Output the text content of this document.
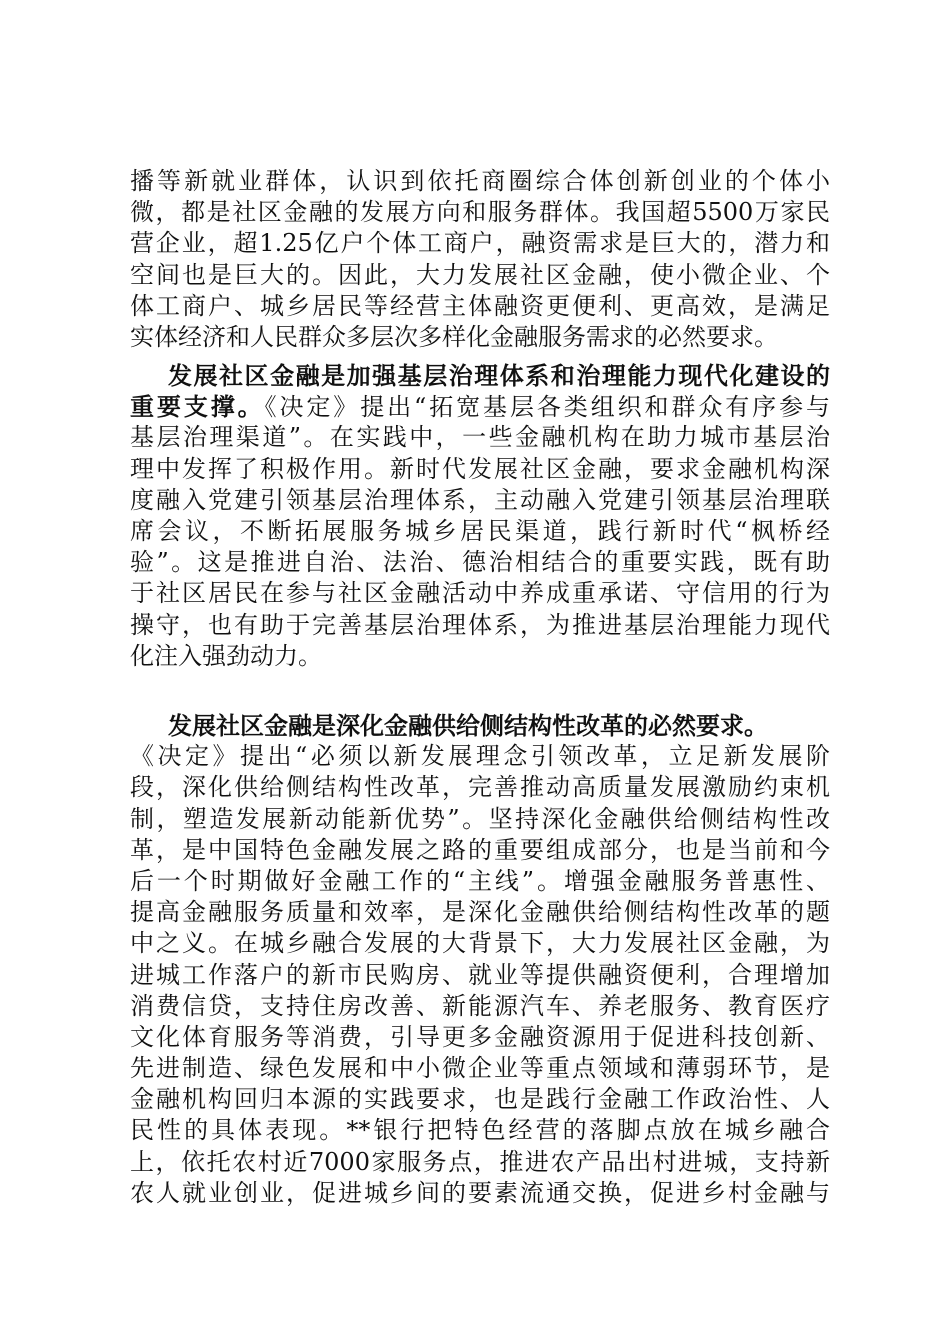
播等新就业群体，认识到依托商圈综合体创新创业的个体小
微，都是社区金融的发展方向和服务群体。我国超5500万家民
营企业，超1.25亿户个体工商户，融资需求是巨大的，潜力和
空间也是巨大的。因此，大力发展社区金融，使小微企业、个
体工商户、城乡居民等经营主体融资更便利、更高效，是满足
实体经济和人民群众多层次多样化金融服务需求的必然要求。
发展社区金融是加强基层治理体系和治理能力现代化建设的
重要支撑。《决定》提出“拓宽基层各类组织和群众有序参与
基层治理渠道”。在实践中，一些金融机构在助力城市基层治
理中发挥了积极作用。新时代发展社区金融，要求金融机构深
度融入党建引领基层治理体系，主动融入党建引领基层治理联
席会议，不断拓展服务城乡居民渠道，践行新时代“枫桥经
验”。这是推进自治、法治、德治相结合的重要实践，既有助
于社区居民在参与社区金融活动中养成重承诺、守信用的行为
操守，也有助于完善基层治理体系，为推进基层治理能力现代
化注入强劲动力。
发展社区金融是深化金融供给侧结构性改革的必然要求。
《决定》提出“必须以新发展理念引领改革，立足新发展阶
段，深化供给侧结构性改革，完善推动高质量发展激励约束机
制，塑造发展新动能新优势”。坚持深化金融供给侧结构性改
革，是中国特色金融发展之路的重要组成部分，也是当前和今
后一个时期做好金融工作的“主线”。增强金融服务普惠性、
提高金融服务质量和效率，是深化金融供给侧结构性改革的题
中之义。在城乡融合发展的大背景下，大力发展社区金融，为
进城工作落户的新市民购房、就业等提供融资便利，合理增加
消费信贷，支持住房改善、新能源汽车、养老服务、教育医疗
文化体育服务等消费，引导更多金融资源用于促进科技创新、
先进制造、绿色发展和中小微企业等重点领域和薄弱环节，是
金融机构回归本源的实践要求，也是践行金融工作政治性、人
民性的具体表现。**银行把特色经营的落脚点放在城乡融合
上，依托农村近7000家服务点，推进农产品出村进城，支持新
农人就业创业，促进城乡间的要素流通交换，促进乡村金融与
